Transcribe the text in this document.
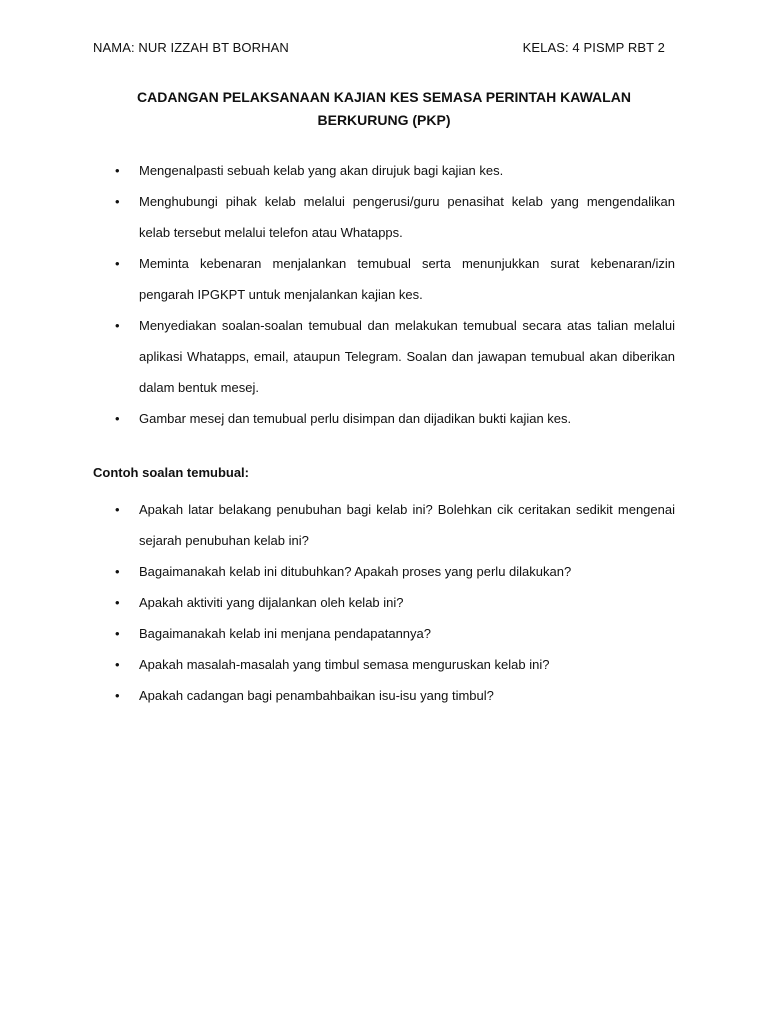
NAMA: NUR IZZAH BT BORHAN	KELAS: 4 PISMP RBT 2
CADANGAN PELAKSANAAN KAJIAN KES SEMASA PERINTAH KAWALAN
BERKURUNG (PKP)
• Mengenalpasti sebuah kelab yang akan dirujuk bagi kajian kes.
• Menghubungi pihak kelab melalui pengerusi/guru penasihat kelab yang mengendalikan kelab tersebut melalui telefon atau Whatapps.
• Meminta kebenaran menjalankan temubual serta menunjukkan surat kebenaran/izin pengarah IPGKPT untuk menjalankan kajian kes.
• Menyediakan soalan-soalan temubual dan melakukan temubual secara atas talian melalui aplikasi Whatapps, email, ataupun Telegram. Soalan dan jawapan temubual akan diberikan dalam bentuk mesej.
• Gambar mesej dan temubual perlu disimpan dan dijadikan bukti kajian kes.
Contoh soalan temubual:
• Apakah latar belakang penubuhan bagi kelab ini? Bolehkan cik ceritakan sedikit mengenai sejarah penubuhan kelab ini?
• Bagaimanakah kelab ini ditubuhkan? Apakah proses yang perlu dilakukan?
• Apakah aktiviti yang dijalankan oleh kelab ini?
• Bagaimanakah kelab ini menjana pendapatannya?
• Apakah masalah-masalah yang timbul semasa menguruskan kelab ini?
• Apakah cadangan bagi penambahbaikan isu-isu yang timbul?
